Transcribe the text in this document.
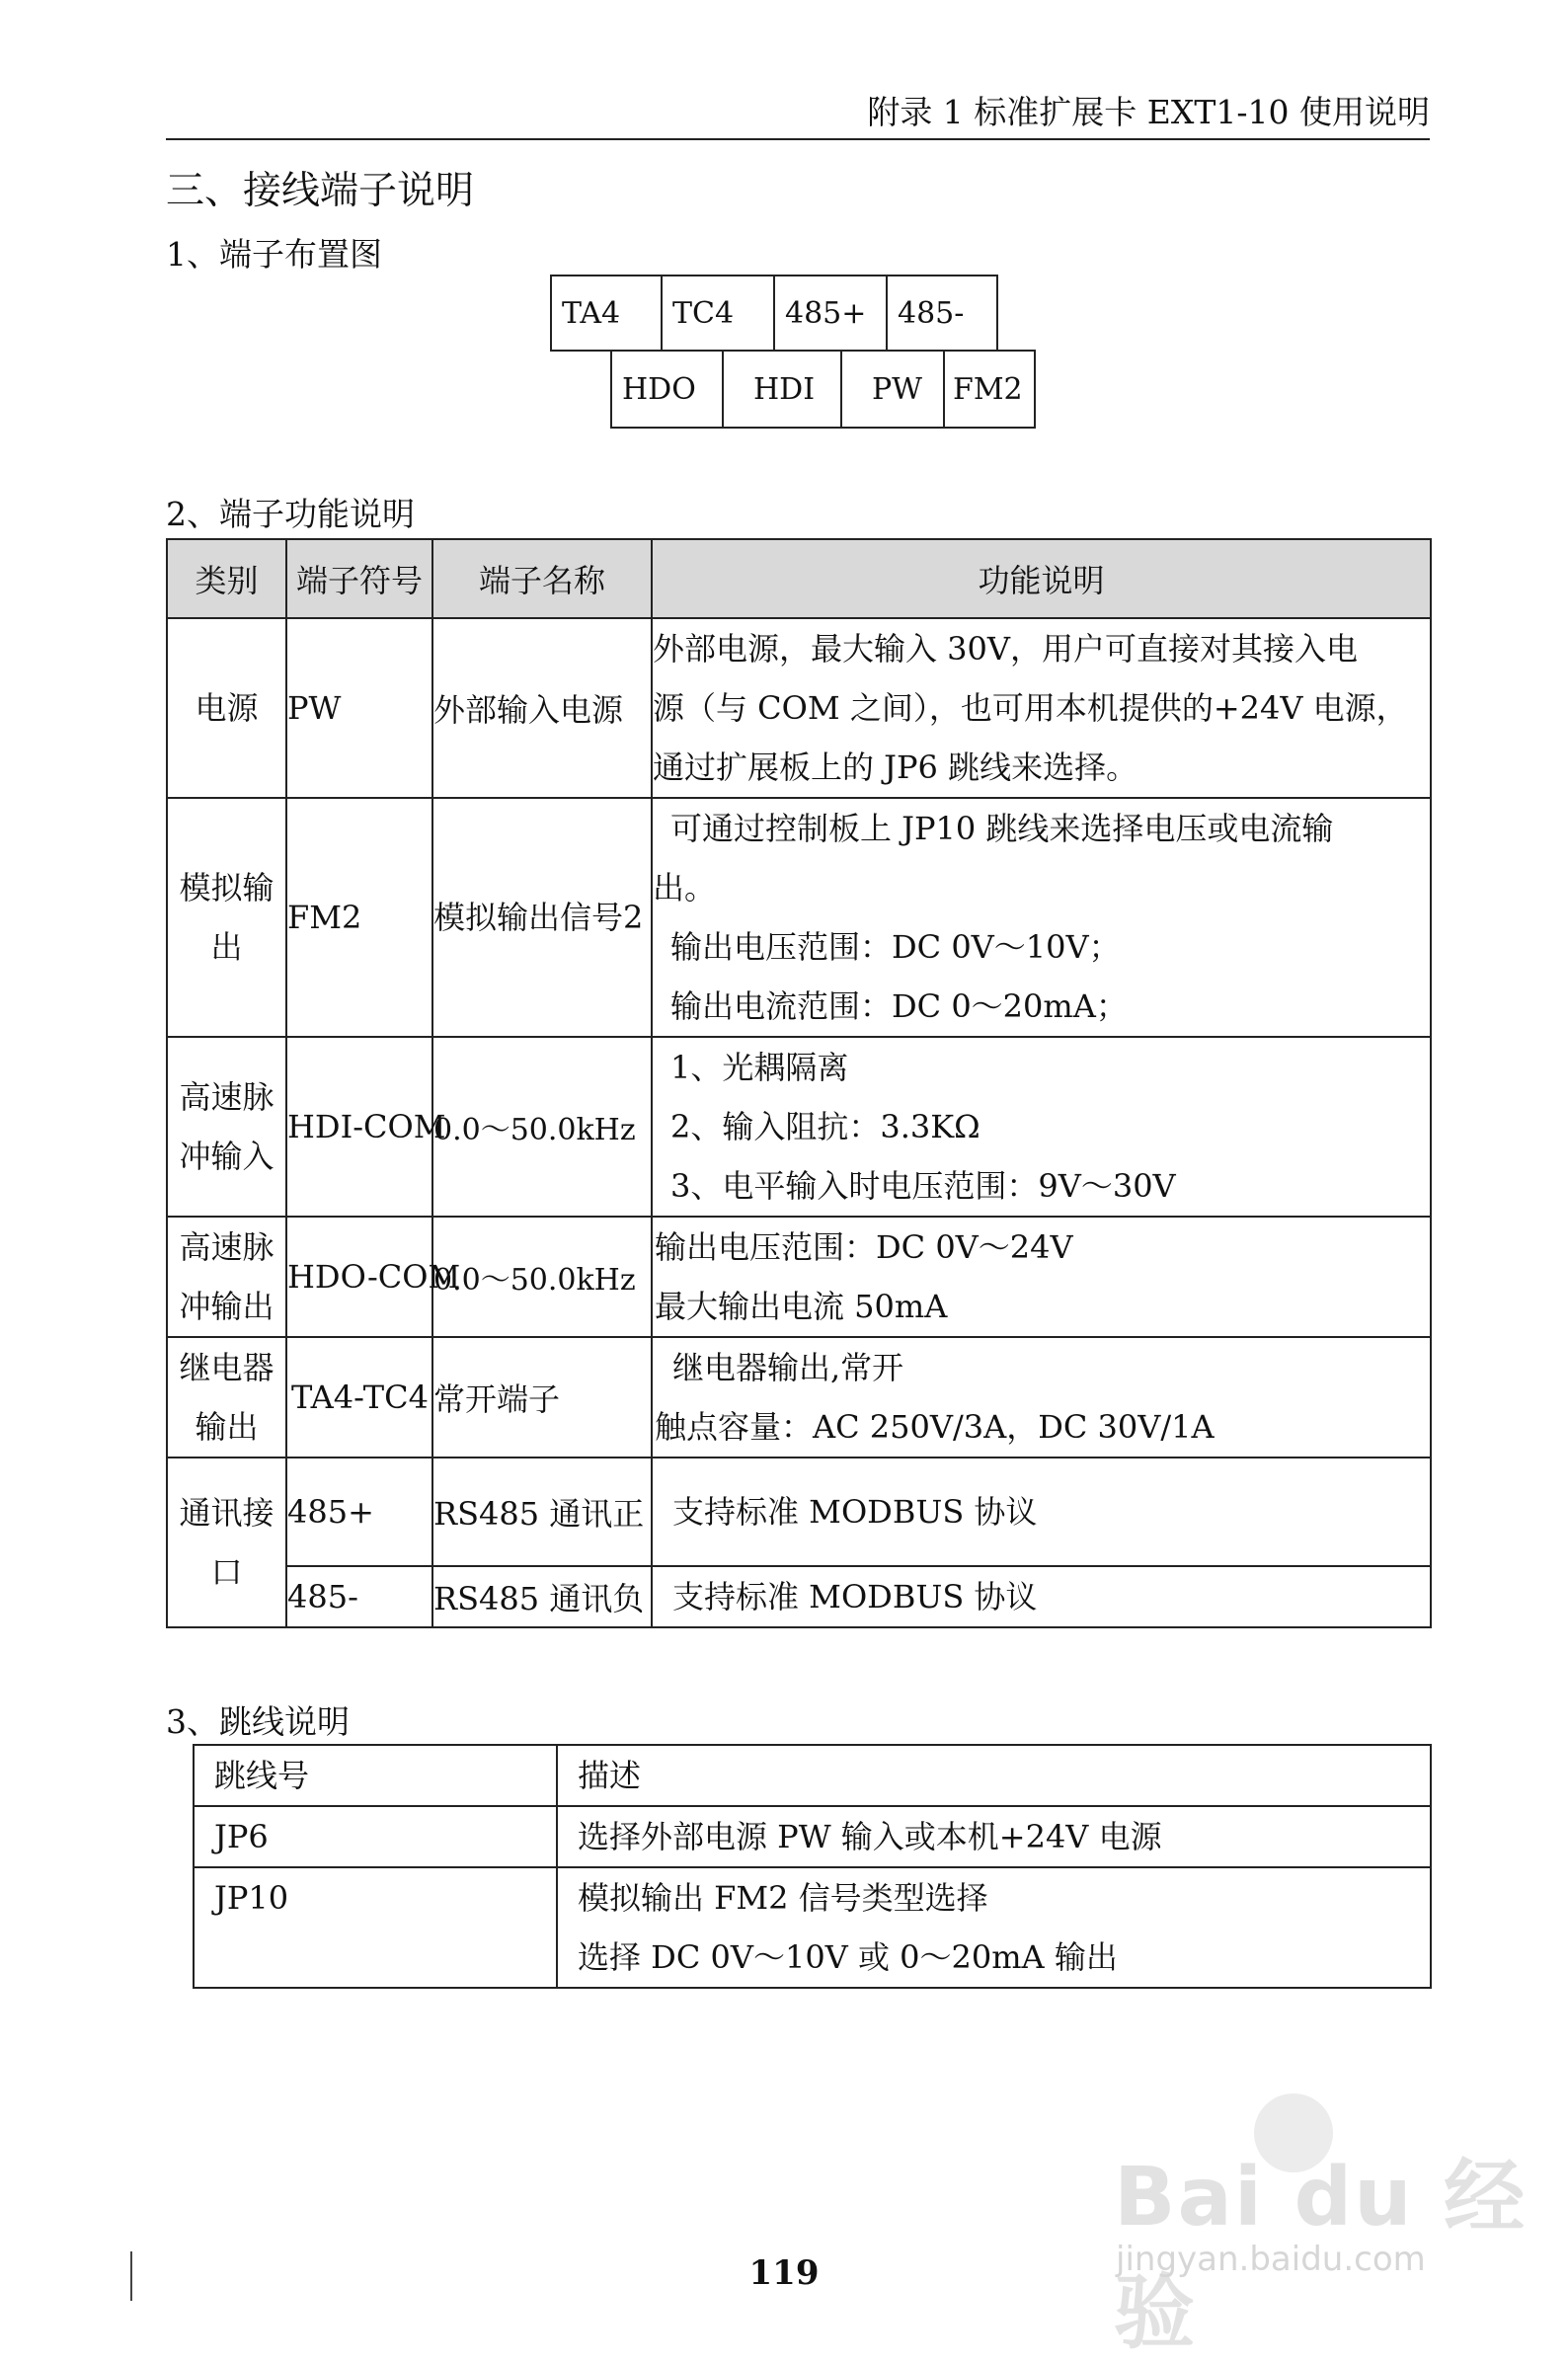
附录 1 标准扩展卡 EXT1-10 使用说明
三、接线端子说明
1、端子布置图
TA4	TC4	485+	485-
HDO	HDI	PW	FM2
2、端子功能说明
类别	端子符号	端子名称	功能说明
电源	PW	外部输入电源	外部电源，最大输入 30V，用户可直接对其接入电
源（与 COM 之间），也可用本机提供的+24V 电源，
通过扩展板上的 JP6 跳线来选择。

模拟输出	FM2	模拟输出信号2	可通过控制板上 JP10 跳线来选择电压或电流输
出。
输出电压范围：DC 0V～10V；
输出电流范围：DC 0～20mA；

高速脉冲输入	HDI-COM	0.0～50.0kHz	1、光耦隔离
2、输入阻抗：3.3KΩ
3、电平输入时电压范围：9V～30V

高速脉冲输出	HDO-COM	0.0～50.0kHz	输出电压范围：DC 0V～24V
最大输出电流 50mA

继电器输出	TA4-TC4	常开端子	继电器输出,常开
触点容量：AC 250V/3A，DC 30V/1A

通讯接口	485+	RS485 通讯正	支持标准 MODBUS 协议

	485-	RS485 通讯负	支持标准 MODBUS 协议
3、跳线说明
跳线号	描述
JP6	选择外部电源 PW 输入或本机+24V 电源

JP10	模拟输出 FM2 信号类型选择
选择 DC 0V～10V 或 0～20mA 输出
119
Bai du 经验
jingyan.baidu.com
